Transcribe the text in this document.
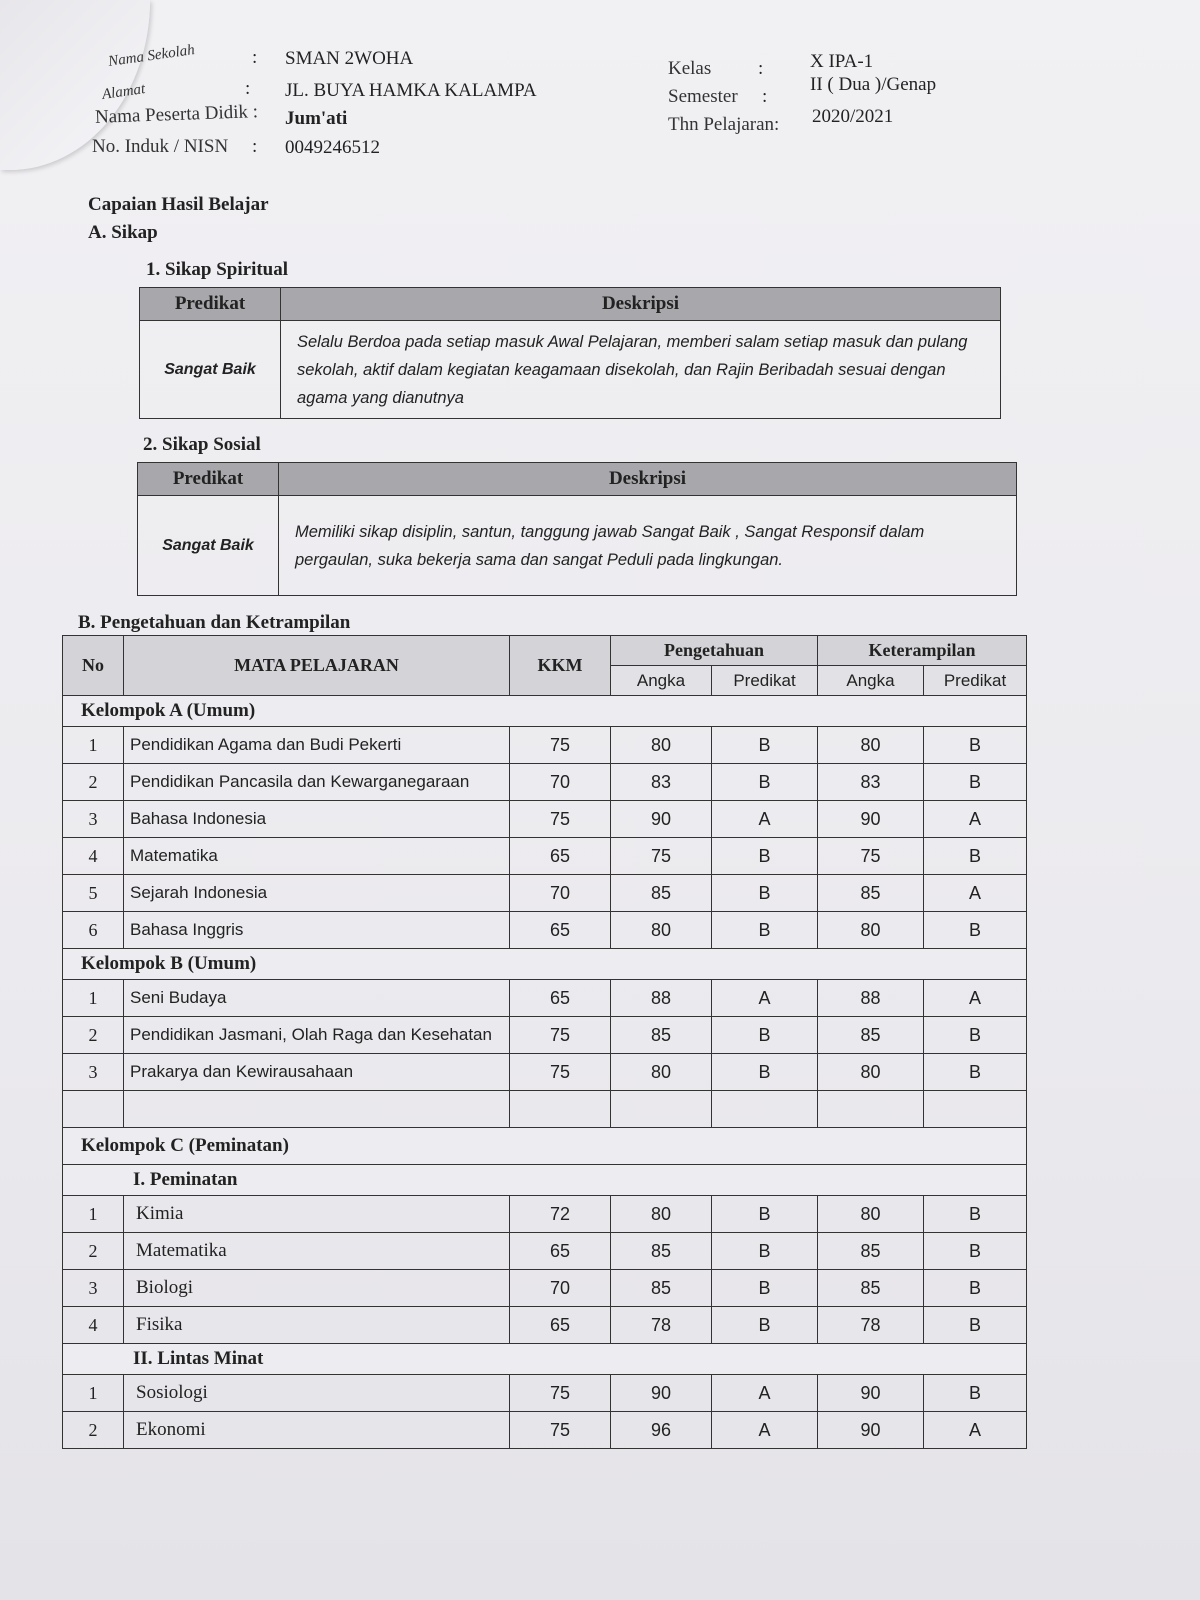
Nama Sekolah	: SMAN 2WOHA
Alamat	: JL. BUYA HAMKA KALAMPA
Nama Peserta Didik : Jum'ati
No. Induk / NISN : 0049246512
Kelas : X IPA-1
Semester :
II ( Dua )/Genap
Thn Pelajaran: 2020/2021
Capaian Hasil Belajar
A. Sikap
1. Sikap Spiritual
Predikat	Deskripsi
Sangat Baik	Selalu Berdoa pada setiap masuk Awal Pelajaran, memberi salam setiap masuk dan pulang sekolah, aktif dalam kegiatan keagamaan disekolah, dan Rajin Beribadah sesuai dengan agama yang dianutnya
2. Sikap Sosial
Predikat	Deskripsi
Sangat Baik	Memiliki sikap disiplin, santun, tanggung jawab Sangat Baik , Sangat Responsif dalam pergaulan, suka bekerja sama dan sangat Peduli pada lingkungan.
B. Pengetahuan dan Ketrampilan
No	MATA PELAJARAN	KKM	Pengetahuan		Keterampilan	
			Angka	Predikat	Angka	Predikat
Kelompok A (Umum)						
1	Pendidikan Agama dan Budi Pekerti	75	80	B	80	B
2	Pendidikan Pancasila dan Kewarganegaraan	70	83	B	83	B
3	Bahasa Indonesia	75	90	A	90	A
4	Matematika	65	75	B	75	B
5	Sejarah Indonesia	70	85	B	85	A
6	Bahasa Inggris	65	80	B	80	B
Kelompok B (Umum)						
1	Seni Budaya	65	88	A	88	A
2	Pendidikan Jasmani, Olah Raga dan Kesehatan	75	85	B	85	B
3	Prakarya dan Kewirausahaan	75	80	B	80	B

Kelompok C (Peminatan)						
I. Peminatan						
1	Kimia	72	80	B	80	B
2	Matematika	65	85	B	85	B
3	Biologi	70	85	B	85	B
4	Fisika	65	78	B	78	B
II. Lintas Minat						
1	Sosiologi	75	90	A	90	B
2	Ekonomi	75	96	A	90	A
